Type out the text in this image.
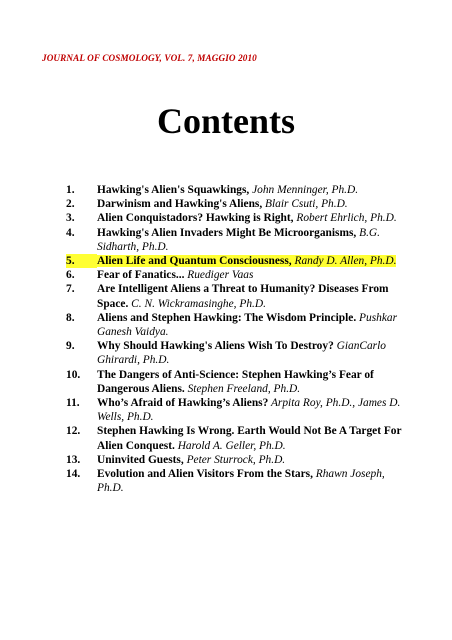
JOURNAL OF COSMOLOGY, VOL. 7, MAGGIO 2010
Contents
1.	Hawking's Alien's Squawkings, John Menninger, Ph.D.
2.	Darwinism and Hawking's Aliens, Blair Csuti, Ph.D.
3.	Alien Conquistadors? Hawking is Right, Robert Ehrlich, Ph.D.
4.	Hawking's Alien Invaders Might Be Microorganisms, B.G. Sidharth, Ph.D.
5.	Alien Life and Quantum Consciousness, Randy D. Allen, Ph.D.
6.	Fear of Fanatics... Ruediger Vaas
7.	Are Intelligent Aliens a Threat to Humanity? Diseases From Space. C. N. Wickramasinghe, Ph.D.
8.	Aliens and Stephen Hawking: The Wisdom Principle. Pushkar Ganesh Vaidya.
9.	Why Should Hawking's Aliens Wish To Destroy? GianCarlo Ghirardi, Ph.D.
10.	The Dangers of Anti-Science: Stephen Hawking’s Fear of Dangerous Aliens. Stephen Freeland, Ph.D.
11.	Who’s Afraid of Hawking’s Aliens? Arpita Roy, Ph.D., James D. Wells, Ph.D.
12.	Stephen Hawking Is Wrong. Earth Would Not Be A Target For Alien Conquest. Harold A. Geller, Ph.D.
13.	Uninvited Guests, Peter Sturrock, Ph.D.
14.	Evolution and Alien Visitors From the Stars, Rhawn Joseph, Ph.D.
